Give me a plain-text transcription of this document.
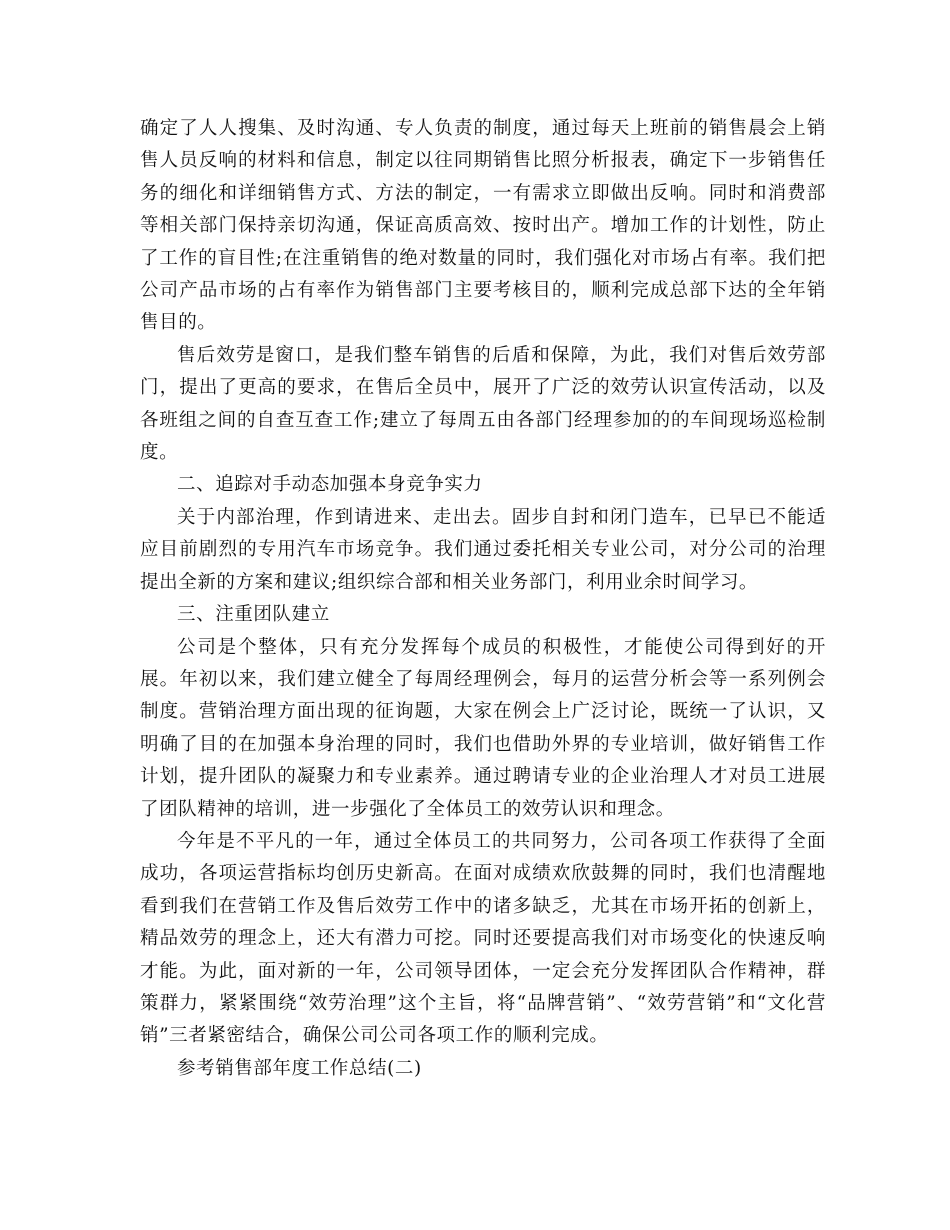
确定了人人搜集、及时沟通、专人负责的制度，通过每天上班前的销售晨会上销售人员反响的材料和信息，制定以往同期销售比照分析报表，确定下一步销售任务的细化和详细销售方式、方法的制定，一有需求立即做出反响。同时和消费部等相关部门保持亲切沟通，保证高质高效、按时出产。增加工作的计划性，防止了工作的盲目性;在注重销售的绝对数量的同时，我们强化对市场占有率。我们把公司产品市场的占有率作为销售部门主要考核目的，顺利完成总部下达的全年销售目的。

售后效劳是窗口，是我们整车销售的后盾和保障，为此，我们对售后效劳部门，提出了更高的要求，在售后全员中，展开了广泛的效劳认识宣传活动，以及各班组之间的自查互查工作;建立了每周五由各部门经理参加的的车间现场巡检制度。

二、追踪对手动态加强本身竞争实力

关于内部治理，作到请进来、走出去。固步自封和闭门造车，已早已不能适应目前剧烈的专用汽车市场竞争。我们通过委托相关专业公司，对分公司的治理提出全新的方案和建议;组织综合部和相关业务部门，利用业余时间学习。

三、注重团队建立

公司是个整体，只有充分发挥每个成员的积极性，才能使公司得到好的开展。年初以来，我们建立健全了每周经理例会，每月的运营分析会等一系列例会制度。营销治理方面出现的征询题，大家在例会上广泛讨论，既统一了认识，又明确了目的在加强本身治理的同时，我们也借助外界的专业培训，做好销售工作计划，提升团队的凝聚力和专业素养。通过聘请专业的企业治理人才对员工进展了团队精神的培训，进一步强化了全体员工的效劳认识和理念。

今年是不平凡的一年，通过全体员工的共同努力，公司各项工作获得了全面成功，各项运营指标均创历史新高。在面对成绩欢欣鼓舞的同时，我们也清醒地看到我们在营销工作及售后效劳工作中的诸多缺乏，尤其在市场开拓的创新上，精品效劳的理念上，还大有潜力可挖。同时还要提高我们对市场变化的快速反响才能。为此，面对新的一年，公司领导团体，一定会充分发挥团队合作精神，群策群力，紧紧围绕“效劳治理”这个主旨，将“品牌营销”、“效劳营销”和“文化营销”三者紧密结合，确保公司公司各项工作的顺利完成。

参考销售部年度工作总结(二)
